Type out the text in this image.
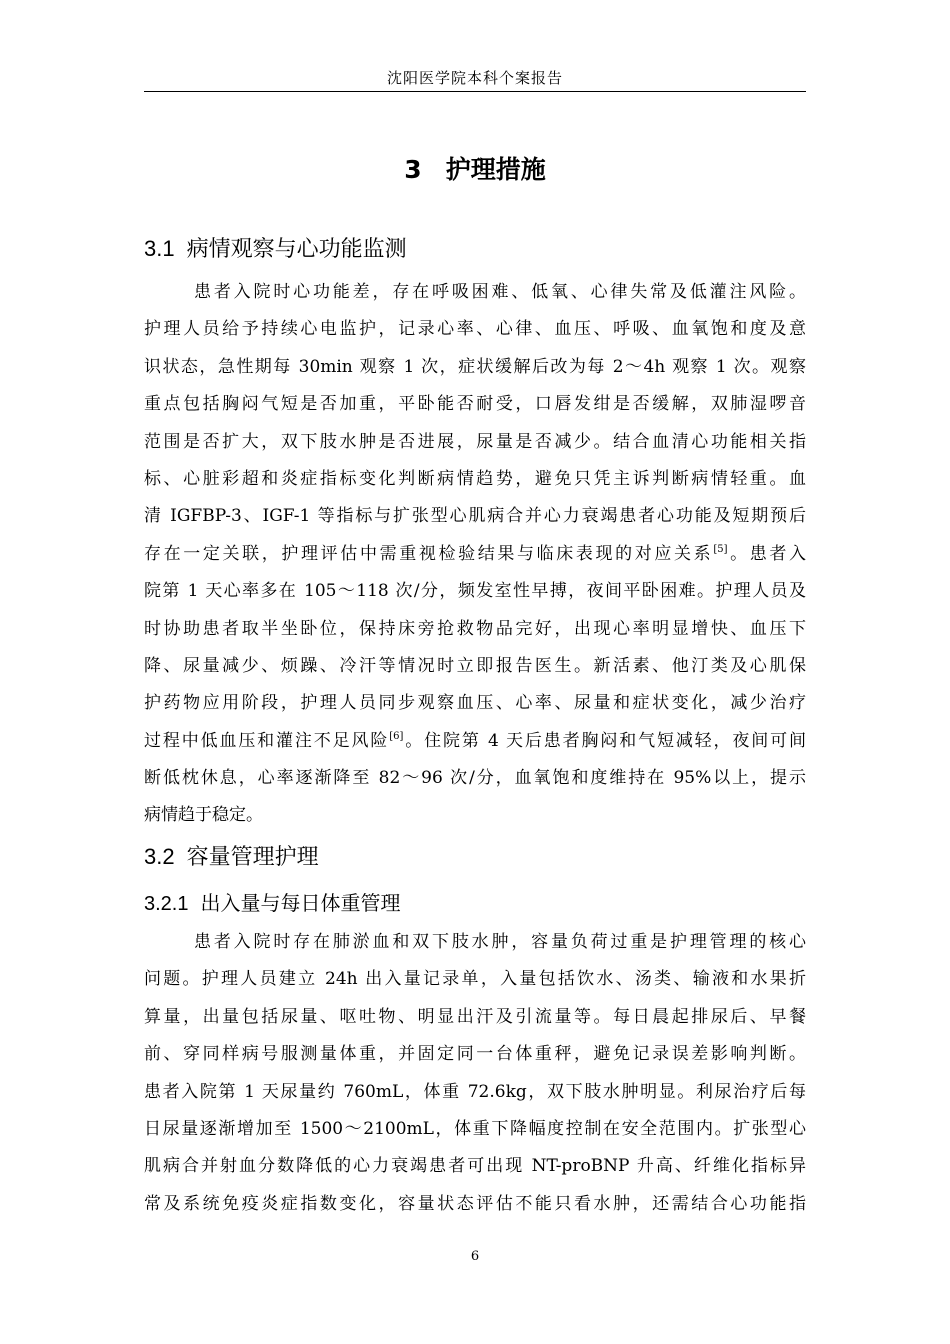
沈阳医学院本科个案报告
3 护理措施
3.1 病情观察与心功能监测
患者入院时心功能差，存在呼吸困难、低氧、心律失常及低灌注风险。
护理人员给予持续心电监护，记录心率、心律、血压、呼吸、血氧饱和度及意
识状态，急性期每 30min 观察 1 次，症状缓解后改为每 2～4h 观察 1 次。观察
重点包括胸闷气短是否加重，平卧能否耐受，口唇发绀是否缓解，双肺湿啰音
范围是否扩大，双下肢水肿是否进展，尿量是否减少。结合血清心功能相关指
标、心脏彩超和炎症指标变化判断病情趋势，避免只凭主诉判断病情轻重。血
清 IGFBP-3、IGF-1 等指标与扩张型心肌病合并心力衰竭患者心功能及短期预后
存在一定关联，护理评估中需重视检验结果与临床表现的对应关系[5]。患者入
院第 1 天心率多在 105～118 次/分，频发室性早搏，夜间平卧困难。护理人员及
时协助患者取半坐卧位，保持床旁抢救物品完好，出现心率明显增快、血压下
降、尿量减少、烦躁、冷汗等情况时立即报告医生。新活素、他汀类及心肌保
护药物应用阶段，护理人员同步观察血压、心率、尿量和症状变化，减少治疗
过程中低血压和灌注不足风险[6]。住院第 4 天后患者胸闷和气短减轻，夜间可间
断低枕休息，心率逐渐降至 82～96 次/分，血氧饱和度维持在 95%以上，提示
病情趋于稳定。
3.2 容量管理护理
3.2.1 出入量与每日体重管理
患者入院时存在肺淤血和双下肢水肿，容量负荷过重是护理管理的核心
问题。护理人员建立 24h 出入量记录单，入量包括饮水、汤类、输液和水果折
算量，出量包括尿量、呕吐物、明显出汗及引流量等。每日晨起排尿后、早餐
前、穿同样病号服测量体重，并固定同一台体重秤，避免记录误差影响判断。
患者入院第 1 天尿量约 760mL，体重 72.6kg，双下肢水肿明显。利尿治疗后每
日尿量逐渐增加至 1500～2100mL，体重下降幅度控制在安全范围内。扩张型心
肌病合并射血分数降低的心力衰竭患者可出现 NT-proBNP 升高、纤维化指标异
常及系统免疫炎症指数变化，容量状态评估不能只看水肿，还需结合心功能指
6
